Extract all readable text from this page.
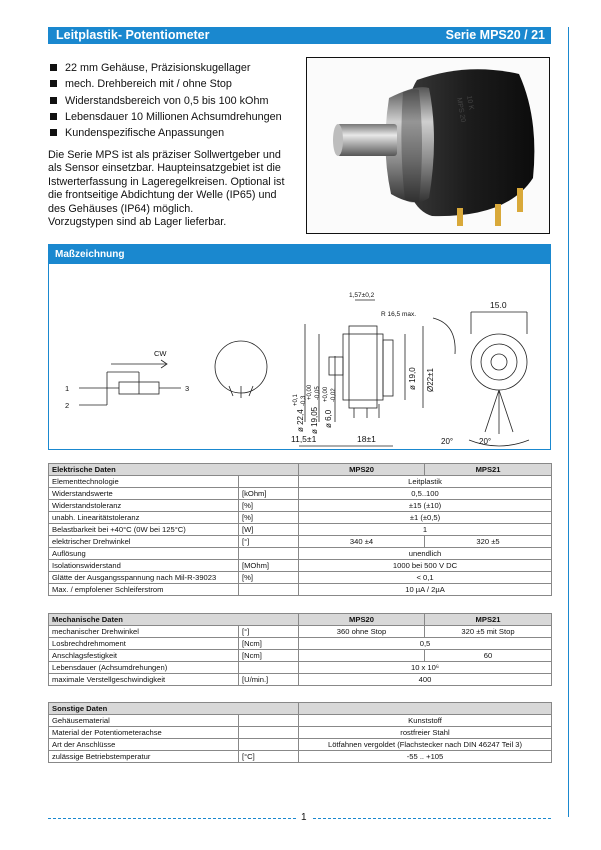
Leitplastik- Potentiometer	Serie MPS20 / 21
22 mm Gehäuse, Präzisionskugellager
mech. Drehbereich mit / ohne Stop
Widerstandsbereich von 0,5 bis 100 kOhm
Lebensdauer 10 Millionen Achsumdrehungen
Kundenspezifische Anpassungen
Die Serie MPS ist als präziser Sollwertgeber und
als Sensor einsetzbar. Haupteinsatzgebiet ist die
Istwerterfassung in Lageregelkreisen. Optional ist
die frontseitige Abdichtung der Welle (IP65) und
des Gehäuses (IP64) möglich.
Vorzugstypen sind ab Lager lieferbar.
MPS 20
10 K
Maßzeichnung
CW
1
2
3
1,57±0,2
R 16,5 max.
15.0
ø 19,0 Ø22±1
ø 22,4
+0,1 -0,3
ø 19,05
+0,00 -0,05
ø 6,0
+0,00 -0,02
11,5±1	18±1	20°	20°
Elektrische Daten		MPS20	MPS21
Elementtechnologie		Leitplastik	
Widerstandswerte	[kOhm]	0,5..100	
Widerstandstoleranz	[%]	±15 (±10)	
unabh. Linearitätstoleranz	[%]	±1 (±0,5)	
Belastbarkeit bei +40°C (0W bei 125°C)	[W]	1	
elektrischer Drehwinkel	[°]	340 ±4	320 ±5
Auflösung		unendlich	
Isolationswiderstand	[MOhm]	1000 bei 500 V DC	
Glätte der Ausgangsspannung nach Mil-R-39023	[%]	< 0,1	
Max. / empfolener Schleiferstrom		10 µA / 2µA	
Mechanische Daten		MPS20	MPS21
mechanischer Drehwinkel	[°]	360 ohne Stop	320 ±5 mit Stop
Losbrechdrehmoment	[Ncm]	0,5	
Anschlagsfestigkeit	[Ncm]		60
Lebensdauer (Achsumdrehungen)		10 x 10⁶	
maximale Verstellgeschwindigkeit	[U/min.]	400	
Sonstige Daten		
Gehäusematerial		Kunststoff
Material der Potentiometerachse		rostfreier Stahl
Art der Anschlüsse		Lötfahnen vergoldet (Flachstecker nach DIN 46247 Teil 3)
zulässige Betriebstemperatur	[°C]	-55 .. +105
1
